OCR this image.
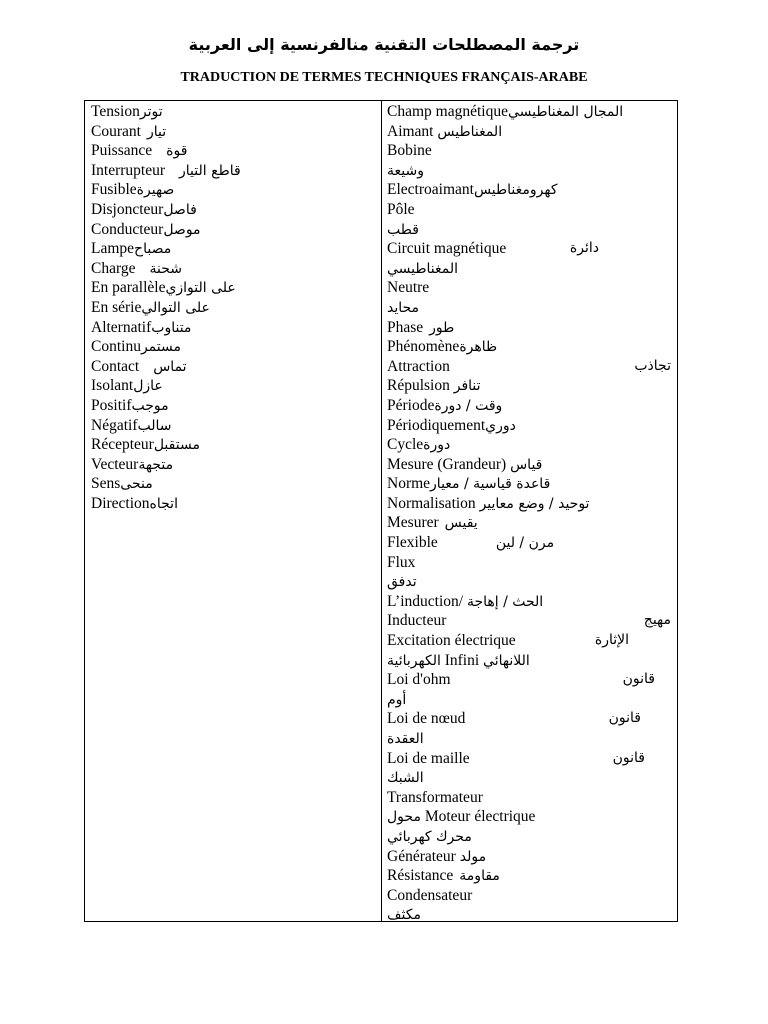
ترجمة المصطلحات التقنية منالفرنسية إلى العربية
TRADUCTION DE TERMES TECHNIQUES FRANÇAIS-ARABE
Tensionتوتر
Courant تيار
Puissance قوة
Interrupteur قاطع التيار
Fusibleصهيرة
Disjoncteurفاصل
Conducteurموصل
Lampeمصباح
Charge شحنة
En parallèleعلى التوازي
En sérieعلى التوالي
Alternatifمتناوب
Continuمستمر
Contact تماس
Isolantعازل
Positifموجب
Négatifسالب
Récepteurمستقبل
Vecteurمتجهة
Sensمنحى
Directionاتجاه
Champ magnétiqueالمجال المغناطيسي
Aimant المغناطيس
Bobine
وشيعة
Electroaimantكهرومغناطيس
Pôle
قطب
Circuit magnétique	دائرة
المغناطيسي
Neutre
محايد
Phase طور
Phénomèneظاهرة
Attraction	تجاذب
Répulsion تنافر
Périodeوقت / دورة
Périodiquementدوري
Cycleدورة
Mesure (Grandeur) قياس
Normeقاعدة قياسية / معيار
Normalisation توحيد / وضع معايير
Mesurer يقيس
Flexible	مرن / لين
Flux
تدفق
L’induction/ الحث / إهاجة
Inducteur	مهيج
Excitation électrique	الإثارة
الكهربائية Infini اللانهائي
Loi d'ohm	قانون
أوم
Loi de nœud	قانون
العقدة
Loi de maille	قانون
الشبك
Transformateur
محول Moteur électrique
محرك كهربائي
Générateur مولد
Résistance مقاومة
Condensateur
مكثف
